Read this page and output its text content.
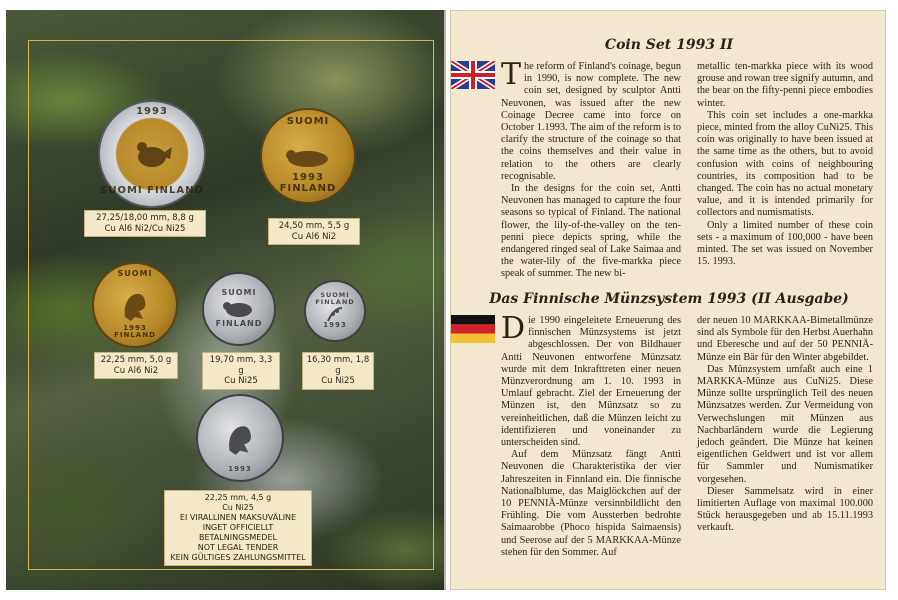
1993
SUOMI FINLAND
27,25/18,00 mm, 8,8 g
Cu Al6 Ni2/Cu Ni25
SUOMI
1993 FINLAND
24,50 mm, 5,5 g
Cu Al6 Ni2
SUOMI
1993 FINLAND
22,25 mm, 5,0 g
Cu Al6 Ni2
SUOMI
FINLAND
19,70 mm, 3,3 g
Cu Ni25
SUOMI FINLAND
1993
16,30 mm, 1,8 g
Cu Ni25
1993
22,25 mm, 4,5 g
Cu Ni25
EI VIRALLINEN MAKSUVÄLINE
INGET OFFICIELLT BETALNINGSMEDEL
NOT LEGAL TENDER
KEIN GÜLTIGES ZAHLUNGSMITTEL
Coin Set 1993 II
T he reform of Finland's coinage, begun in 1990, is now complete. The new coin set, designed by sculptor Antti Neuvonen, was issued after the new Coinage Decree came into force on October 1.1993. The aim of the reform is to clarify the structure of the coinage so that the coins themselves and their value in relation to the others are clearly recognisable.

In the designs for the coin set, Antti Neuvonen has managed to capture the four seasons so typical of Finland. The national flower, the lily-of-the-valley on the ten-penni piece depicts spring, while the endangered ringed seal of Lake Saimaa and the water-lily of the five-markka piece speak of summer. The new bi-

metallic ten-markka piece with its wood grouse and rowan tree signify autumn, and the bear on the fifty-penni piece embodies winter.

This coin set includes a one-markka piece, minted from the alloy CuNi25. This coin was originally to have been issued at the same time as the others, but to avoid confusion with coins of neighbouring countries, its composition had to be changed. The coin has no actual monetary value, and it is intended primarily for collectors and numismatists.

Only a limited number of these coin sets - a maximum of 100,000 - have been minted. The set was issued on November 15. 1993.

Das Finnische Münzsystem 1993 (II Ausgabe)
D ie 1990 eingeleitete Erneuerung des finnischen Münzsystems ist jetzt abgeschlossen. Der von Bildhauer Antti Neuvonen entworfene Münzsatz wurde mit dem Inkrafttreten einer neuen Münzverordnung am 1. 10. 1993 in Umlauf gebracht. Ziel der Erneuerung der Münzen ist, den Münzsatz so zu vereinheitlichen, daß die Münzen leicht zu identifizieren und voneinander zu unterscheiden sind.

Auf dem Münzsatz fängt Antti Neuvonen die Charakteristika der vier Jahreszeiten in Finnland ein. Die finnische Nationalblume, das Maiglöckchen auf der 10 PENNIÄ-Münze versinnbildlicht den Frühling. Die vom Aussterben bedrohte Saimaarobbe (Phoco hispida Saimaensis) und Seerose auf der 5 MARKKAA-Münze stehen für den Sommer. Auf

der neuen 10 MARKKAA-Bimetallmünze sind als Symbole für den Herbst Auerhahn und Eberesche und auf der 50 PENNIÄ-Münze ein Bär für den Winter abgebildet.

Das Münzsystem umfaßt auch eine 1 MARKKA-Münze aus CuNi25. Diese Münze sollte ursprünglich Teil des neuen Münzsatzes werden. Zur Vermeidung von Verwechslungen mit Münzen aus Nachbarländern wurde die Legierung jedoch geändert. Die Münze hat keinen eigentlichen Geldwert und ist vor allem für Sammler und Numismatiker vorgesehen.

Dieser Sammelsatz wird in einer limitierten Auflage von maximal 100.000 Stück herausgegeben und ab 15.11.1993 verkauft.
